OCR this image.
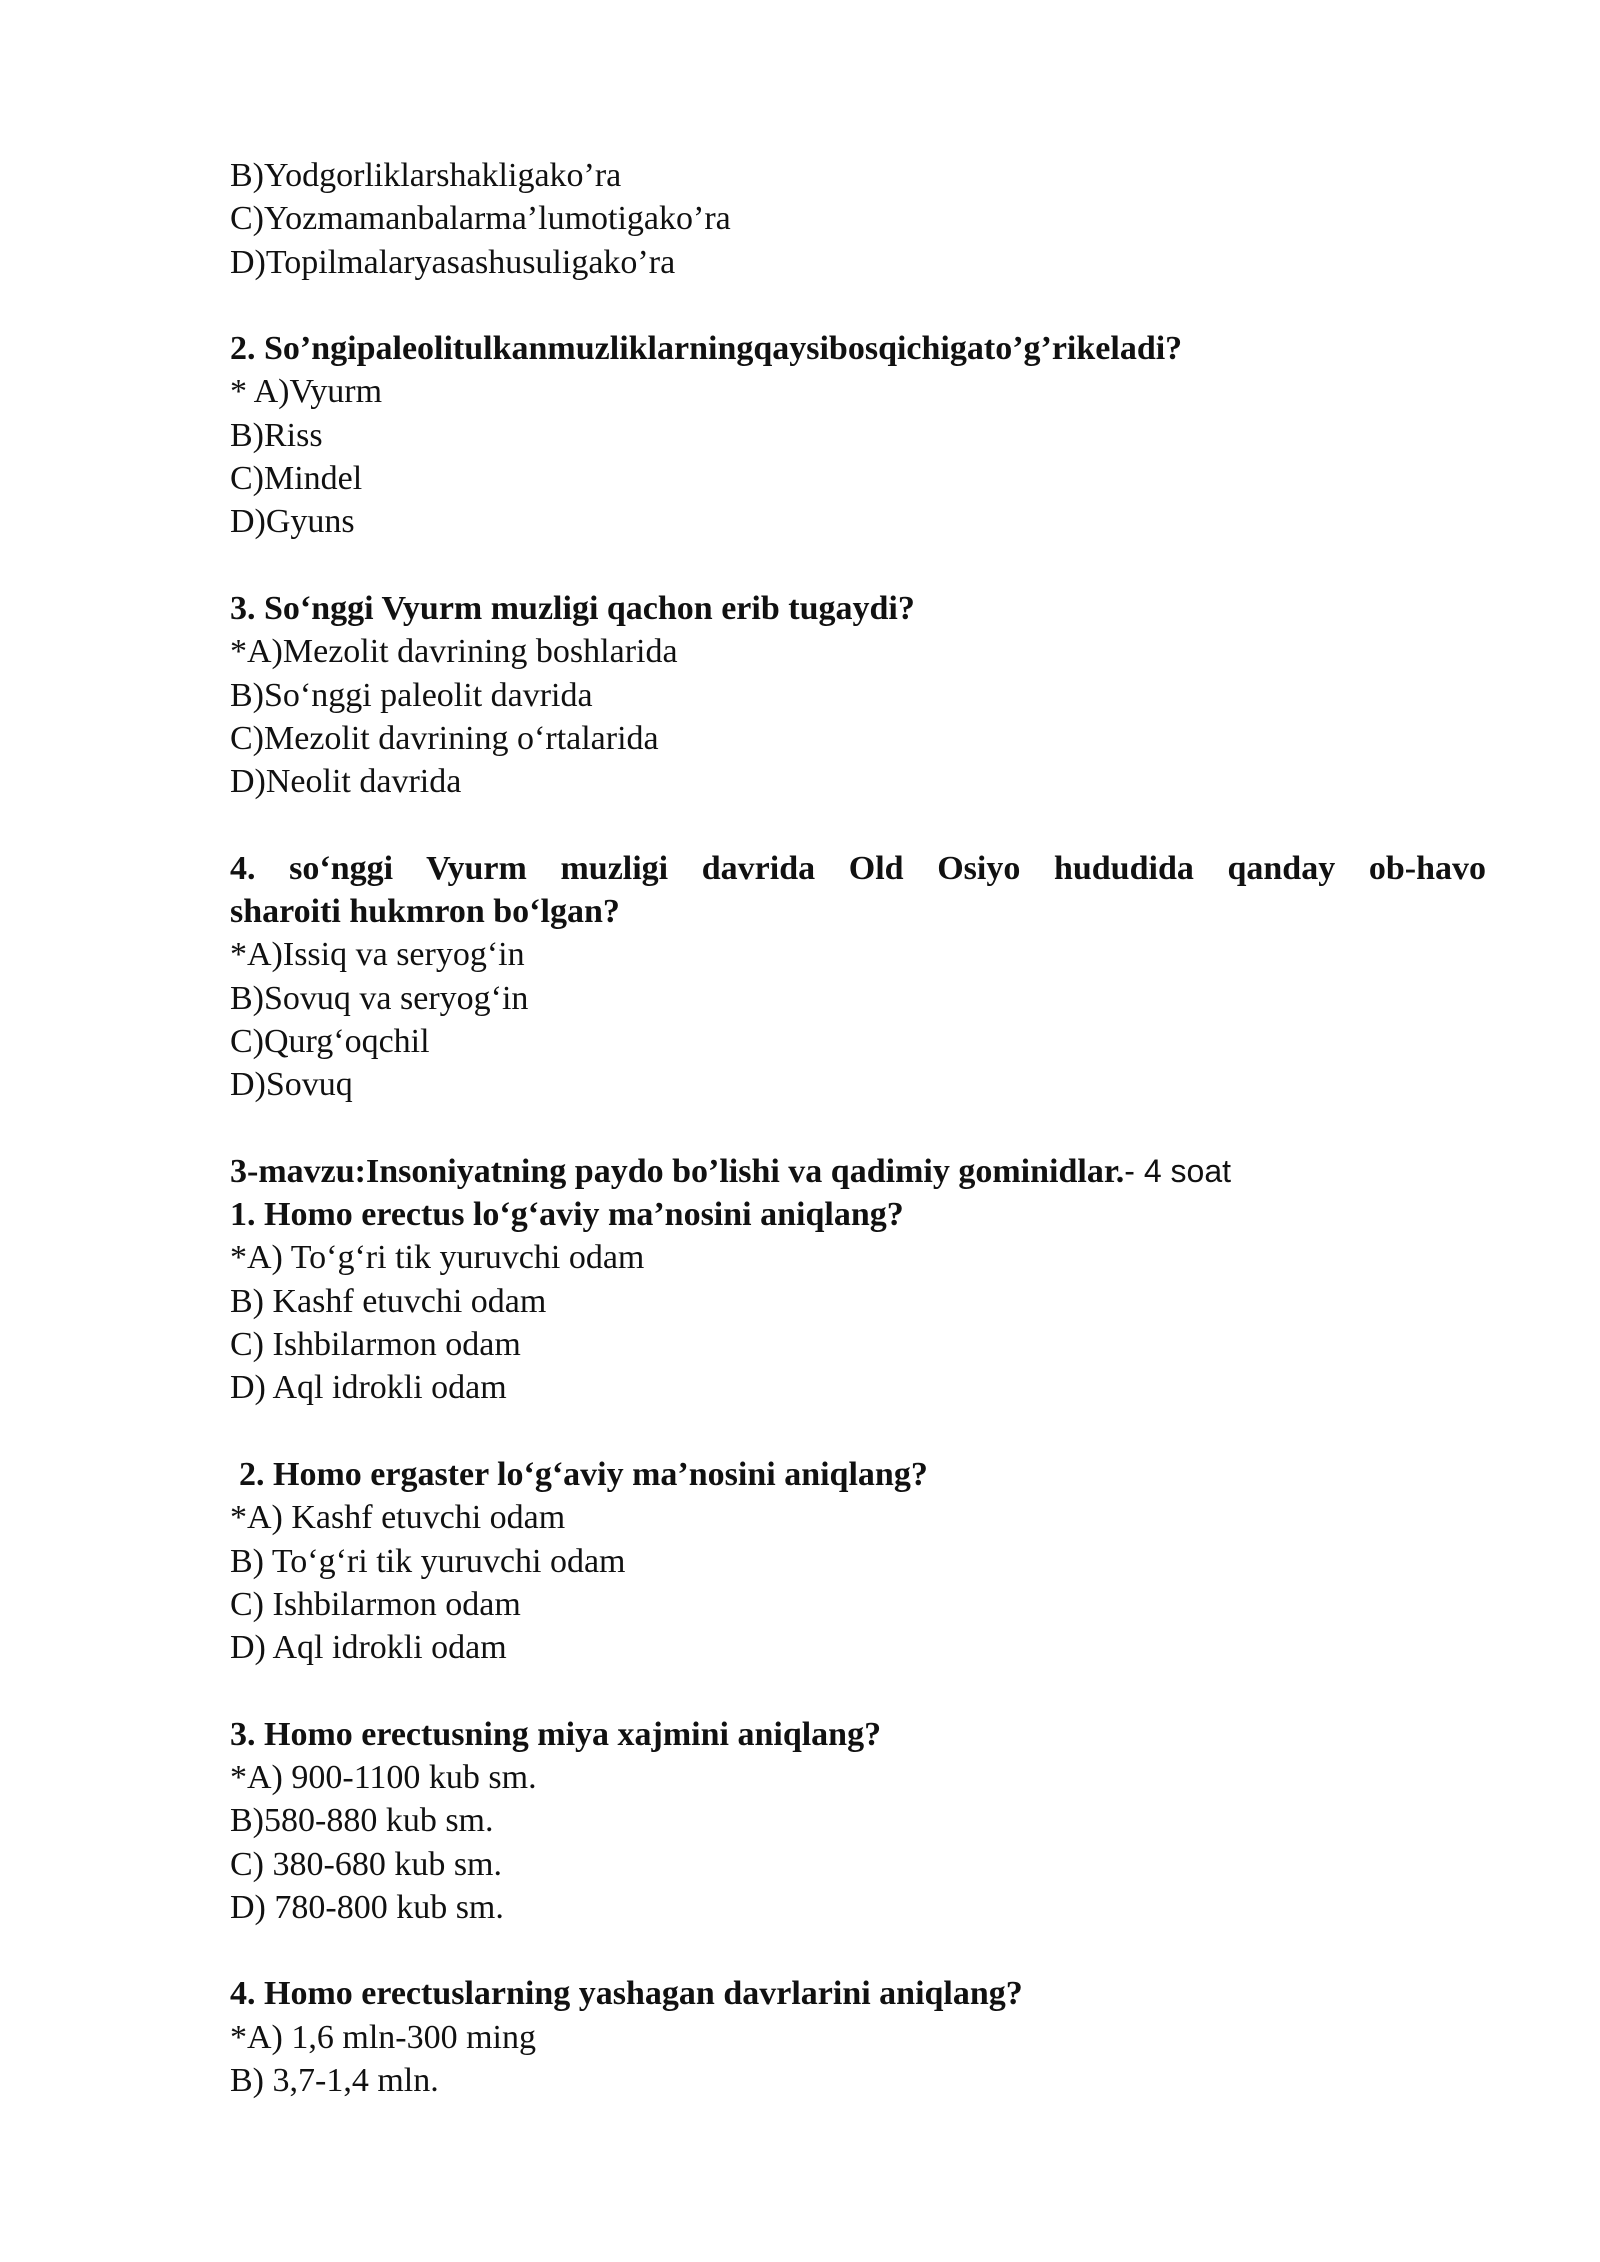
B)Yodgorliklarshakligako’ra
C)Yozmamanbalarma’lumotigako’ra
D)Topilmalaryasashusuligako’ra
2. So’ngipaleolitulkanmuzliklarningqaysibosqichigato’g’rikeladi?
* A)Vyurm
B)Riss
C)Mindel
D)Gyuns
3. So‘nggi Vyurm muzligi qachon erib tugaydi?
*A)Mezolit davrining boshlarida
B)So‘nggi paleolit davrida
C)Mezolit davrining o‘rtalarida
D)Neolit davrida
4. so‘nggi Vyurm muzligi davrida Old Osiyo hududida qanday ob-havo
sharoiti hukmron bo‘lgan?
*A)Issiq va seryog‘in
B)Sovuq va seryog‘in
C)Qurg‘oqchil
D)Sovuq
3-mavzu:Insoniyatning paydo bo’lishi va qadimiy gominidlar.- 4 soat
1. Homo erectus lo‘g‘aviy ma’nosini aniqlang?
*A) To‘g‘ri tik yuruvchi odam
B) Kashf etuvchi odam
C) Ishbilarmon odam
D) Aql idrokli odam
2. Homo ergaster lo‘g‘aviy ma’nosini aniqlang?
*A) Kashf etuvchi odam
B) To‘g‘ri tik yuruvchi odam
C) Ishbilarmon odam
D) Aql idrokli odam
3. Homo erectusning miya xajmini aniqlang?
*A) 900-1100 kub sm.
B)580-880 kub sm.
C) 380-680 kub sm.
D) 780-800 kub sm.
4. Homo erectuslarning yashagan davrlarini aniqlang?
*A) 1,6 mln-300 ming
B) 3,7-1,4 mln.
